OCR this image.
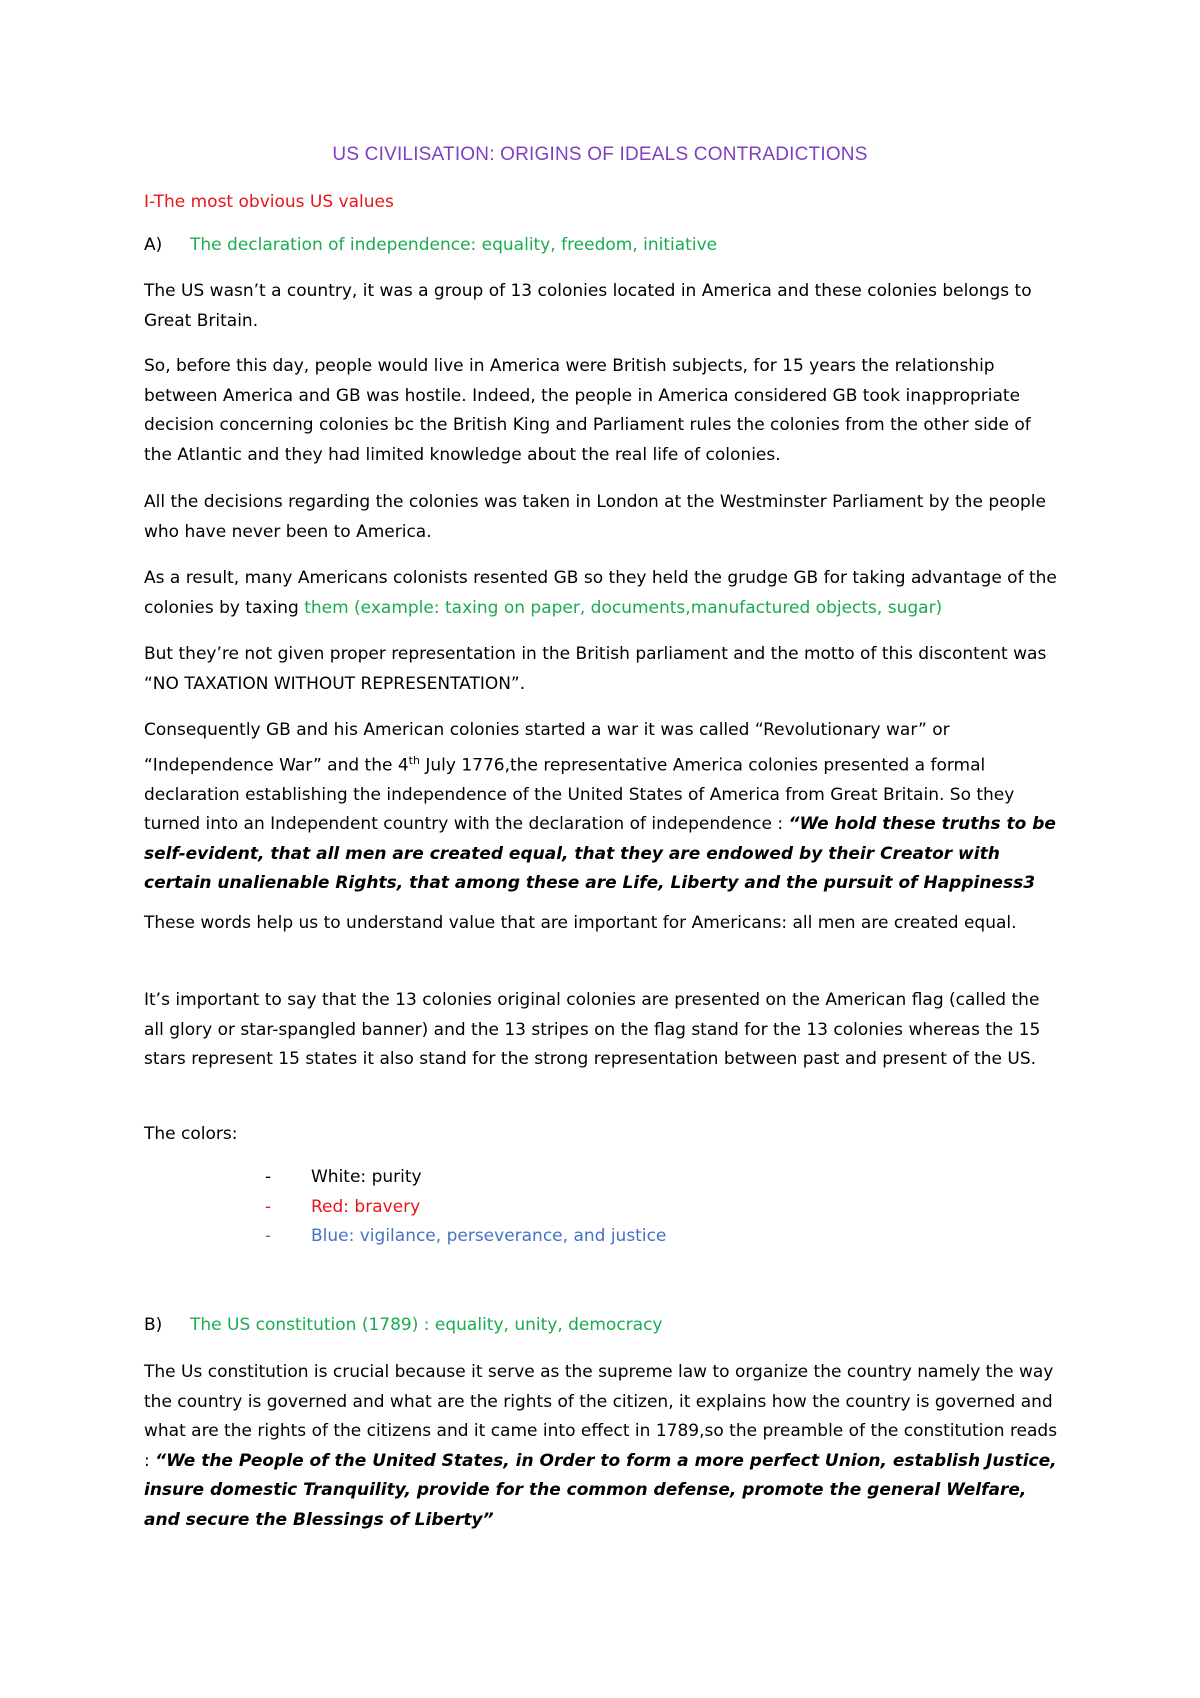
US CIVILISATION: ORIGINS OF IDEALS CONTRADICTIONS
I-The most obvious US values
A) The declaration of independence: equality, freedom, initiative
The US wasn’t a country, it was a group of 13 colonies located in America and these colonies belongs to Great Britain.
So, before this day, people would live in America were British subjects, for 15 years the relationship between America and GB was hostile. Indeed, the people in America considered GB took inappropriate decision concerning colonies bc the British King and Parliament rules the colonies from the other side of the Atlantic and they had limited knowledge about the real life of colonies.
All the decisions regarding the colonies was taken in London at the Westminster Parliament by the people who have never been to America.
As a result, many Americans colonists resented GB so they held the grudge GB for taking advantage of the colonies by taxing them (example: taxing on paper, documents,manufactured objects, sugar)
But they’re not given proper representation in the British parliament and the motto of this discontent was “NO TAXATION WITHOUT REPRESENTATION”.
Consequently GB and his American colonies started a war it was called “Revolutionary war” or “Independence War” and the 4th July 1776,the representative America colonies presented a formal declaration establishing the independence of the United States of America from Great Britain. So they turned into an Independent country with the declaration of independence : “We hold these truths to be self-evident, that all men are created equal, that they are endowed by their Creator with certain unalienable Rights, that among these are Life, Liberty and the pursuit of Happiness3
These words help us to understand value that are important for Americans: all men are created equal.
It’s important to say that the 13 colonies original colonies are presented on the American flag (called the all glory or star-spangled banner) and the 13 stripes on the flag stand for the 13 colonies whereas the 15 stars represent 15 states it also stand for the strong representation between past and present of the US.
The colors:
- White: purity
- Red: bravery
- Blue: vigilance, perseverance, and justice
B) The US constitution (1789) : equality, unity, democracy
The Us constitution is crucial because it serve as the supreme law to organize the country namely the way the country is governed and what are the rights of the citizen, it explains how the country is governed and what are the rights of the citizens and it came into effect in 1789,so the preamble of the constitution reads : “We the People of the United States, in Order to form a more perfect Union, establish Justice, insure domestic Tranquility, provide for the common defense, promote the general Welfare, and secure the Blessings of Liberty”
